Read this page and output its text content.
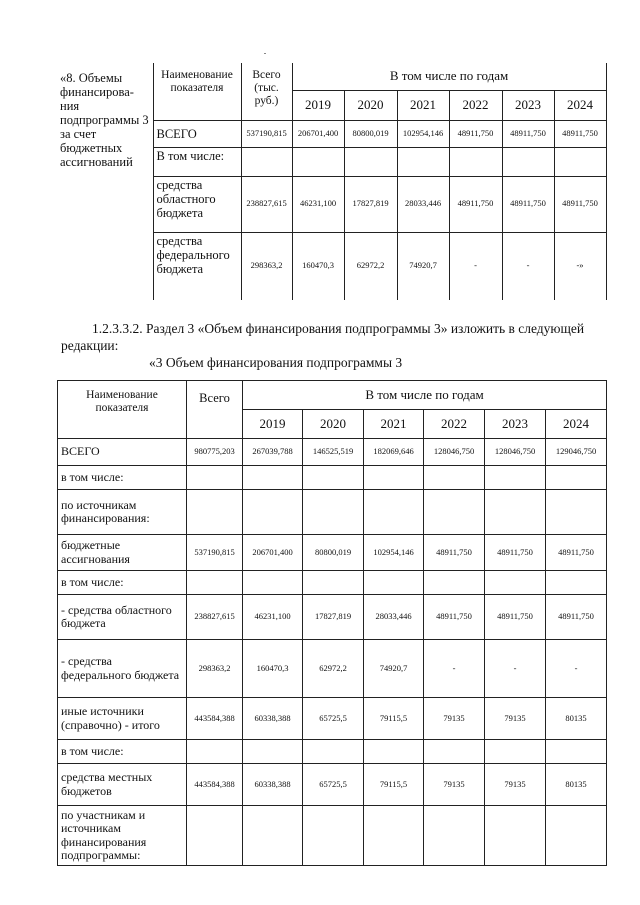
«8. Объемы финансирова-ния подпрограммы 3 за счет бюджетных ассигнований	Наименование показателя	Всего (тыс. руб.)	В том числе по годам					
			2019	2020	2021	2022	2023	2024
	ВСЕГО	537190,815	206701,400	80800,019	102954,146	48911,750	48911,750	48911,750
	В том числе:							
	средства областного бюджета	238827,615	46231,100	17827,819	28033,446	48911,750	48911,750	48911,750
	средства федерального бюджета	298363,2	160470,3	62972,2	74920,7	-	-	-»
1.2.3.3.2. Раздел 3 «Объем финансирования подпрограммы 3» изложить в следующей
редакции:
«3 Объем финансирования подпрограммы 3
Наименование показателя	Всего	В том числе по годам					
		2019	2020	2021	2022	2023	2024
ВСЕГО	980775,203	267039,788	146525,519	182069,646	128046,750	128046,750	129046,750
в том числе:							
по источникам финансирования:							
бюджетные ассигнования	537190,815	206701,400	80800,019	102954,146	48911,750	48911,750	48911,750
в том числе:							
- средства областного бюджета	238827,615	46231,100	17827,819	28033,446	48911,750	48911,750	48911,750
- средства федерального бюджета	298363,2	160470,3	62972,2	74920,7	-	-	-
иные источники (справочно) - итого	443584,388	60338,388	65725,5	79115,5	79135	79135	80135
в том числе:							
средства местных бюджетов	443584,388	60338,388	65725,5	79115,5	79135	79135	80135
по участникам и источникам финансирования подпрограммы:							
